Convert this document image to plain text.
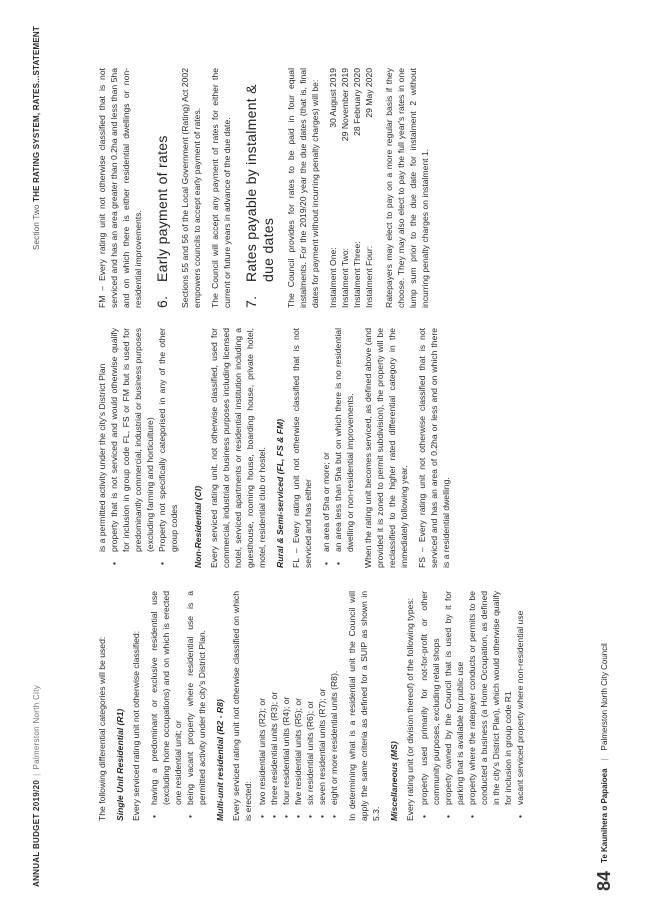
ANNUAL BUDGET 2019/20|Palmerston North City
Section Two THE RATING SYSTEM, RATES...STATEMENT

The following differential categories will be used: Single Unit Residential (R1) Every serviced rating unit not otherwise classified: • having a predominant or exclusive residential use (excluding home occupations) and on which is erected one residential unit; or • being vacant property where residential use is a permitted activity under the city's District Plan. Multi-unit residential (R2 - R8) Every serviced rating unit not otherwise classified on which is erected: • two residential units (R2); or • three residential units (R3); or • four residential units (R4); or • five residential units (R5); or • six residential units (R6); or • seven residential units (R7); or • eight or more residential units (R8). In determining what is a residential unit the Council will apply the same criteria as defined for a SUIP as shown in 5.3. Miscellaneous (MS) Every rating unit (or division thereof) of the following types: • property used primarily for not-for-profit or other community purposes, excluding retail shops • property owned by the Council that is used by it for parking that is available for public use • property where the ratepayer conducts or permits to be conducted a business (a Home Occupation, as defined in the city's District Plan), which would otherwise qualify for inclusion in group code R1 • vacant serviced property where non-residential use

is a permitted activity under the city's District Plan • property that is not serviced and would otherwise qualify for inclusion in group code FL, FS or FM but is used for predominantly commercial, industrial or business purposes (excluding farming and horticulture) • Property not specifically categorised in any of the other group codes Non-Residential (CI) Every serviced rating unit, not otherwise classified, used for commercial, industrial or business purposes including licensed hotel, serviced apartments or residential institution including a guesthouse, rooming house, boarding house, private hotel, motel, residential club or hostel. Rural & Semi-serviced (FL, FS & FM) FL – Every rating unit not otherwise classified that is not serviced and has either • an area of 5ha or more; or • an area less than 5ha but on which there is no residential dwelling or non-residential improvements. When the rating unit becomes serviced, as defined above (and provided it is zoned to permit subdivision), the property will be reclassified to the higher rated differential category in the immediately following year. FS – Every rating unit not otherwise classified that is not serviced and has an area of 0.2ha or less and on which there is a residential dwelling.

FM – Every rating unit not otherwise classified that is not serviced and has an area greater than 0.2ha and less than 5ha and on which there is either residential dwellings or non-residential improvements. 6.
Early payment of rates Sections 55 and 56 of the Local Government (Rating) Act 2002 empowers councils to accept early payment of rates. The Council will accept any payment of rates for either the current or future years in advance of the due date. 7.
Rates payable by instalment & due dates The Council provides for rates to be paid in four equal instalments. For the 2019/20 year the due dates (that is, final dates for payment without incurring penalty charges) will be: Instalment One:
30 August 2019
Instalment Two:
29 November 2019
Instalment Three:
28 February 2020
Instalment Four:
29 May 2020 Ratepayers may elect to pay on a more regular basis if they choose. They may also elect to pay the full year's rates in one lump sum prior to the due date for instalment 2 without incurring penalty charges on instalment 1.

84
Te Kaunihera o Papaioea
|
Palmerston North City Council
